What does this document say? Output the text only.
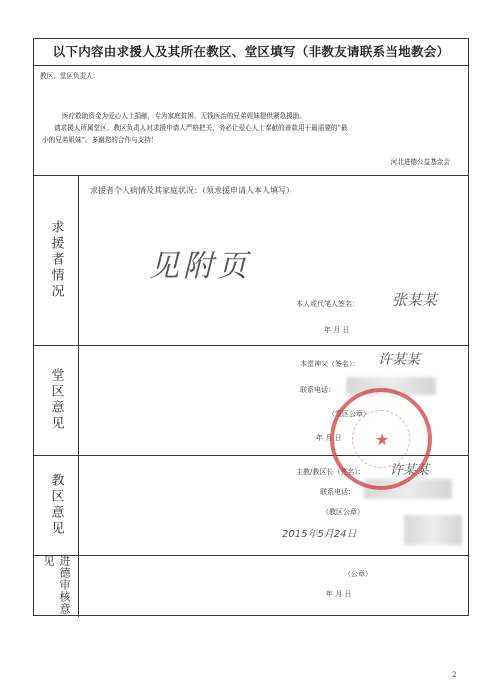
以下内容由求援人及其所在教区、堂区填写（非教友请联系当地教会）
教区、堂区负责人：
医疗救助资金为爱心人士捐献，专为家庭贫困、无钱医治的兄弟姐妹提供紧急援助。
请求援人所属堂区、教区负责人对求援申请人严格把关，务必让爱心人士奉献的善款用于最需要的“最
小的兄弟姐妹”。多谢您的合作与支持！
河北进德公益基金会
求援者情况
求援者个人病情及其家庭状况：（须求援申请人本人填写）
见附页
本人或代笔人签名： 张某某
年 月 日
堂区意见
本堂神父（签名）： 许某某
联系电话：
（堂区公章）
年 月 日
教区意见
主教/教区长（签名）： 许某某
联系电话：
（教区公章）
2015年5月24日
进德审核意见
（公章）
年 月 日
★
2
